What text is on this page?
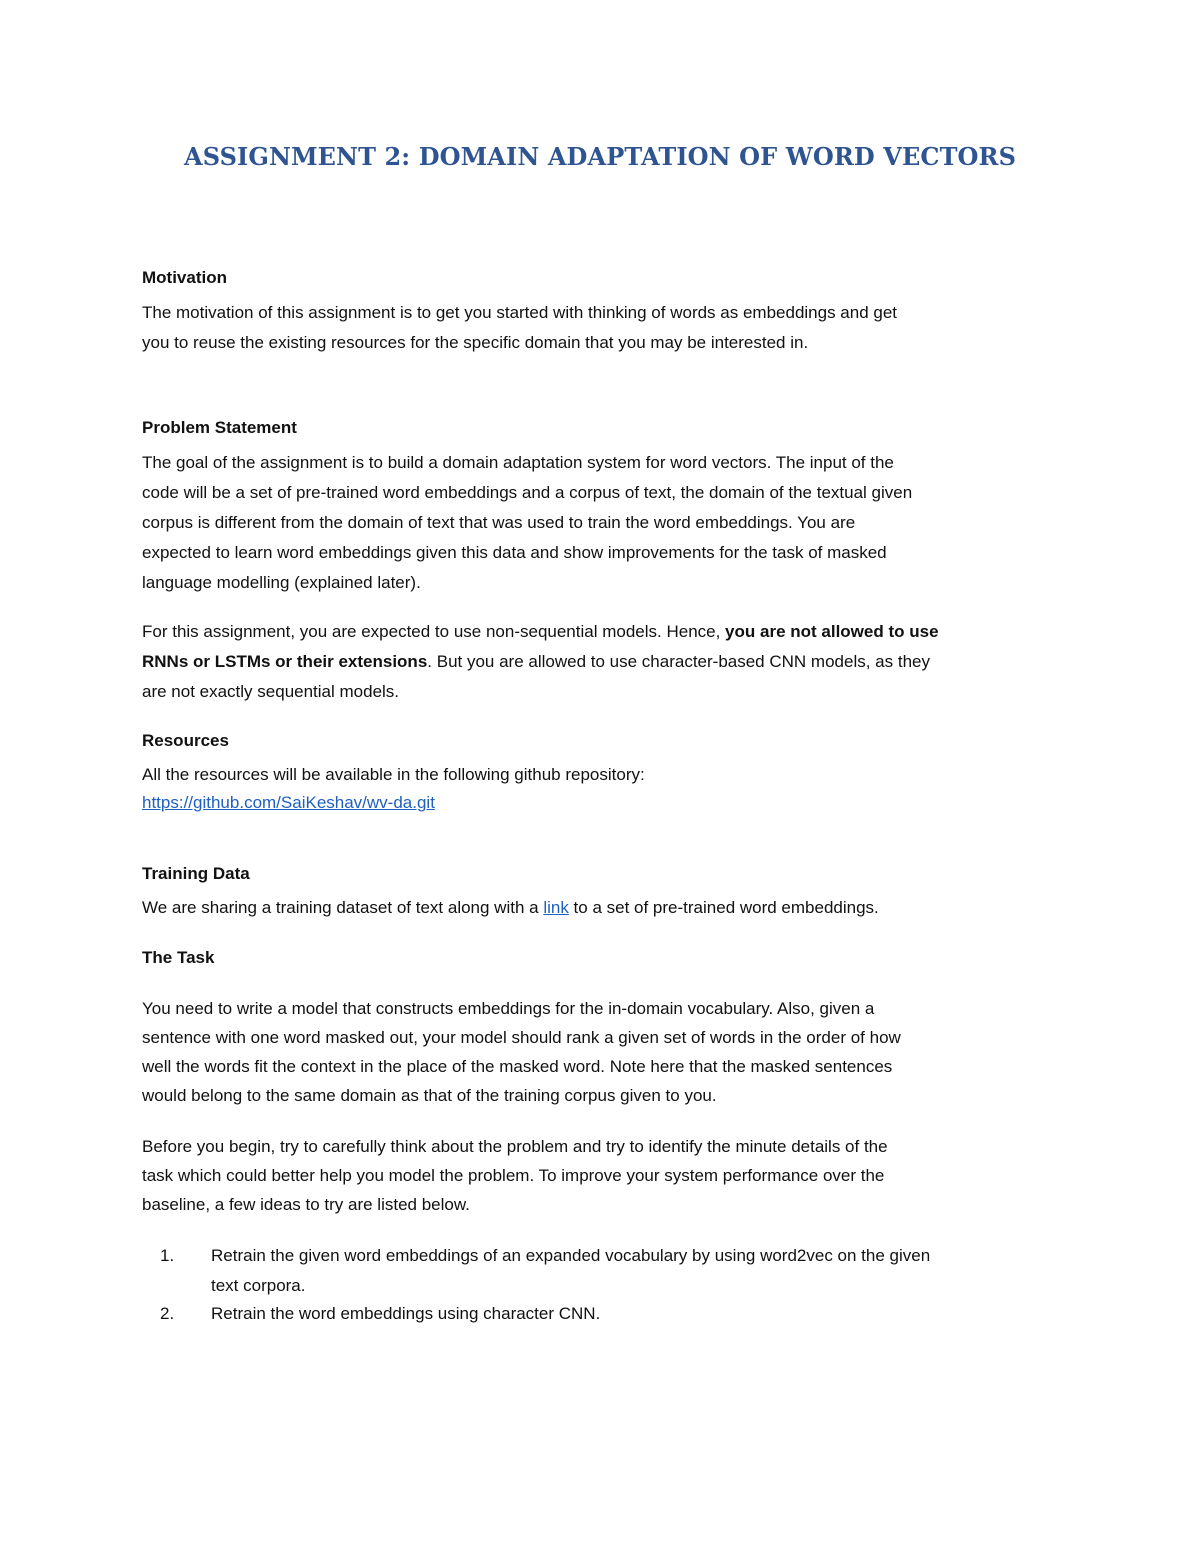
ASSIGNMENT 2: DOMAIN ADAPTATION OF WORD VECTORS

Motivation

The motivation of this assignment is to get you started with thinking of words as embeddings and get
you to reuse the existing resources for the specific domain that you may be interested in.

Problem Statement

The goal of the assignment is to build a domain adaptation system for word vectors. The input of the
code will be a set of pre-trained word embeddings and a corpus of text, the domain of the textual given
corpus is different from the domain of text that was used to train the word embeddings. You are
expected to learn word embeddings given this data and show improvements for the task of masked
language modelling (explained later).

For this assignment, you are expected to use non-sequential models. Hence, you are not allowed to use
RNNs or LSTMs or their extensions. But you are allowed to use character-based CNN models, as they
are not exactly sequential models.

Resources

All the resources will be available in the following github repository:
https://github.com/SaiKeshav/wv-da.git

Training Data

We are sharing a training dataset of text along with a link to a set of pre-trained word embeddings.

The Task

You need to write a model that constructs embeddings for the in-domain vocabulary. Also, given a
sentence with one word masked out, your model should rank a given set of words in the order of how
well the words fit the context in the place of the masked word. Note here that the masked sentences
would belong to the same domain as that of the training corpus given to you.

Before you begin, try to carefully think about the problem and try to identify the minute details of the
task which could better help you model the problem. To improve your system performance over the
baseline, a few ideas to try are listed below.

1.	Retrain the given word embeddings of an expanded vocabulary by using word2vec on the given
text corpora.
2.	Retrain the word embeddings using character CNN.
